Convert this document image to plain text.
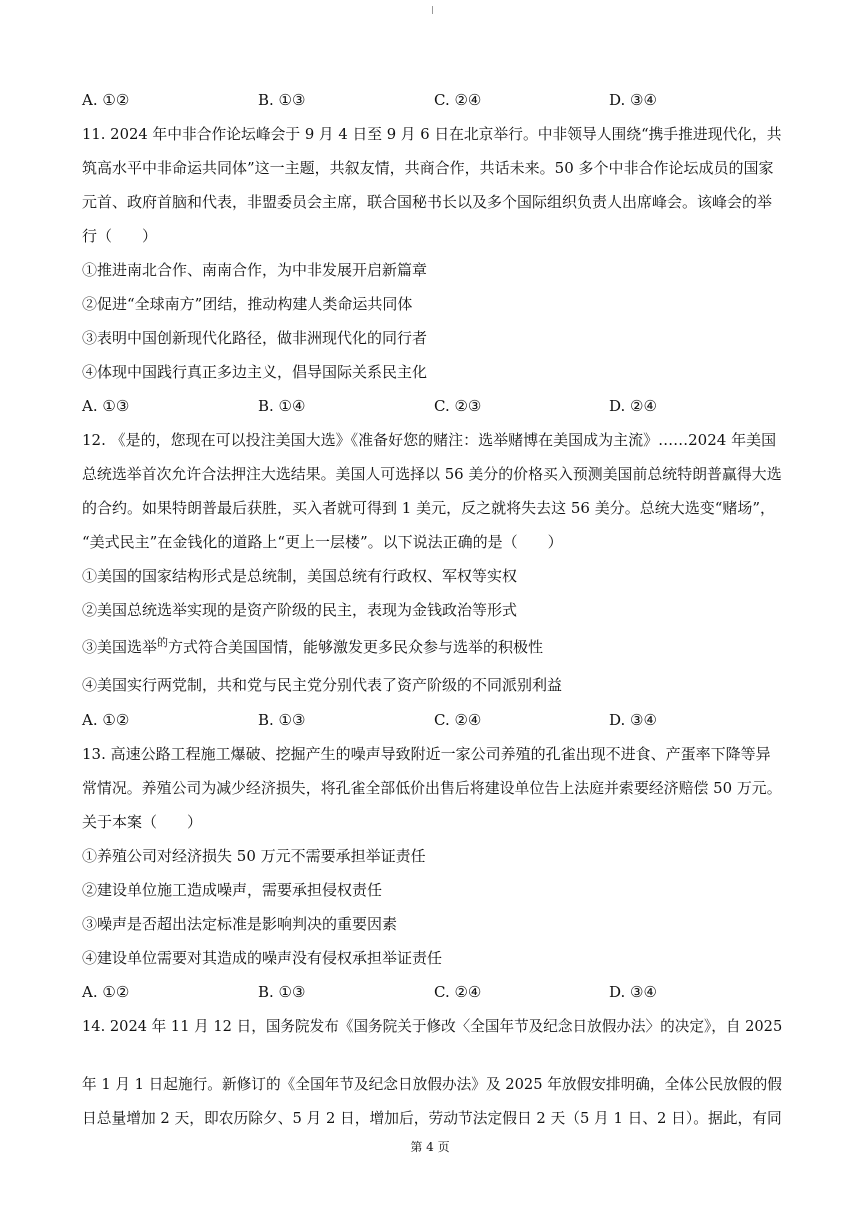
A. ①②	B. ①③	C. ②④	D. ③④
11. 2024 年中非合作论坛峰会于 9 月 4 日至 9 月 6 日在北京举行。中非领导人围绕“携手推进现代化，共
筑高水平中非命运共同体”这一主题，共叙友情，共商合作，共话未来。50 多个中非合作论坛成员的国家
元首、政府首脑和代表，非盟委员会主席，联合国秘书长以及多个国际组织负责人出席峰会。该峰会的举
行（　　）
①推进南北合作、南南合作，为中非发展开启新篇章
②促进“全球南方”团结，推动构建人类命运共同体
③表明中国创新现代化路径，做非洲现代化的同行者
④体现中国践行真正多边主义，倡导国际关系民主化
A. ①③	B. ①④	C. ②③	D. ②④
12. 《是的，您现在可以投注美国大选》《准备好您的赌注：选举赌博在美国成为主流》……2024 年美国
总统选举首次允许合法押注大选结果。美国人可选择以 56 美分的价格买入预测美国前总统特朗普赢得大选
的合约。如果特朗普最后获胜，买入者就可得到 1 美元，反之就将失去这 56 美分。总统大选变“赌场”，
“美式民主”在金钱化的道路上“更上一层楼”。以下说法正确的是（　　）
①美国的国家结构形式是总统制，美国总统有行政权、军权等实权
②美国总统选举实现的是资产阶级的民主，表现为金钱政治等形式
③美国选举$^的$方式符合美国国情，能够激发更多民众参与选举的积极性
④美国实行两党制，共和党与民主党分别代表了资产阶级的不同派别利益
A. ①②	B. ①③	C. ②④	D. ③④
13. 高速公路工程施工爆破、挖掘产生的噪声导致附近一家公司养殖的孔雀出现不进食、产蛋率下降等异
常情况。养殖公司为减少经济损失，将孔雀全部低价出售后将建设单位告上法庭并索要经济赔偿 50 万元。
关于本案（　　）
①养殖公司对经济损失 50 万元不需要承担举证责任
②建设单位施工造成噪声，需要承担侵权责任
③噪声是否超出法定标准是影响判决的重要因素
④建设单位需要对其造成的噪声没有侵权承担举证责任
A. ①②	B. ①③	C. ②④	D. ③④
14. 2024 年 11 月 12 日，国务院发布《国务院关于修改〈全国年节及纪念日放假办法〉的决定》，自 2025
年 1 月 1 日起施行。新修订的《全国年节及纪念日放假办法》及 2025 年放假安排明确，全体公民放假的假
日总量增加 2 天，即农历除夕、5 月 2 日，增加后，劳动节法定假日 2 天（5 月 1 日、2 日）。据此，有同
第 4 页
